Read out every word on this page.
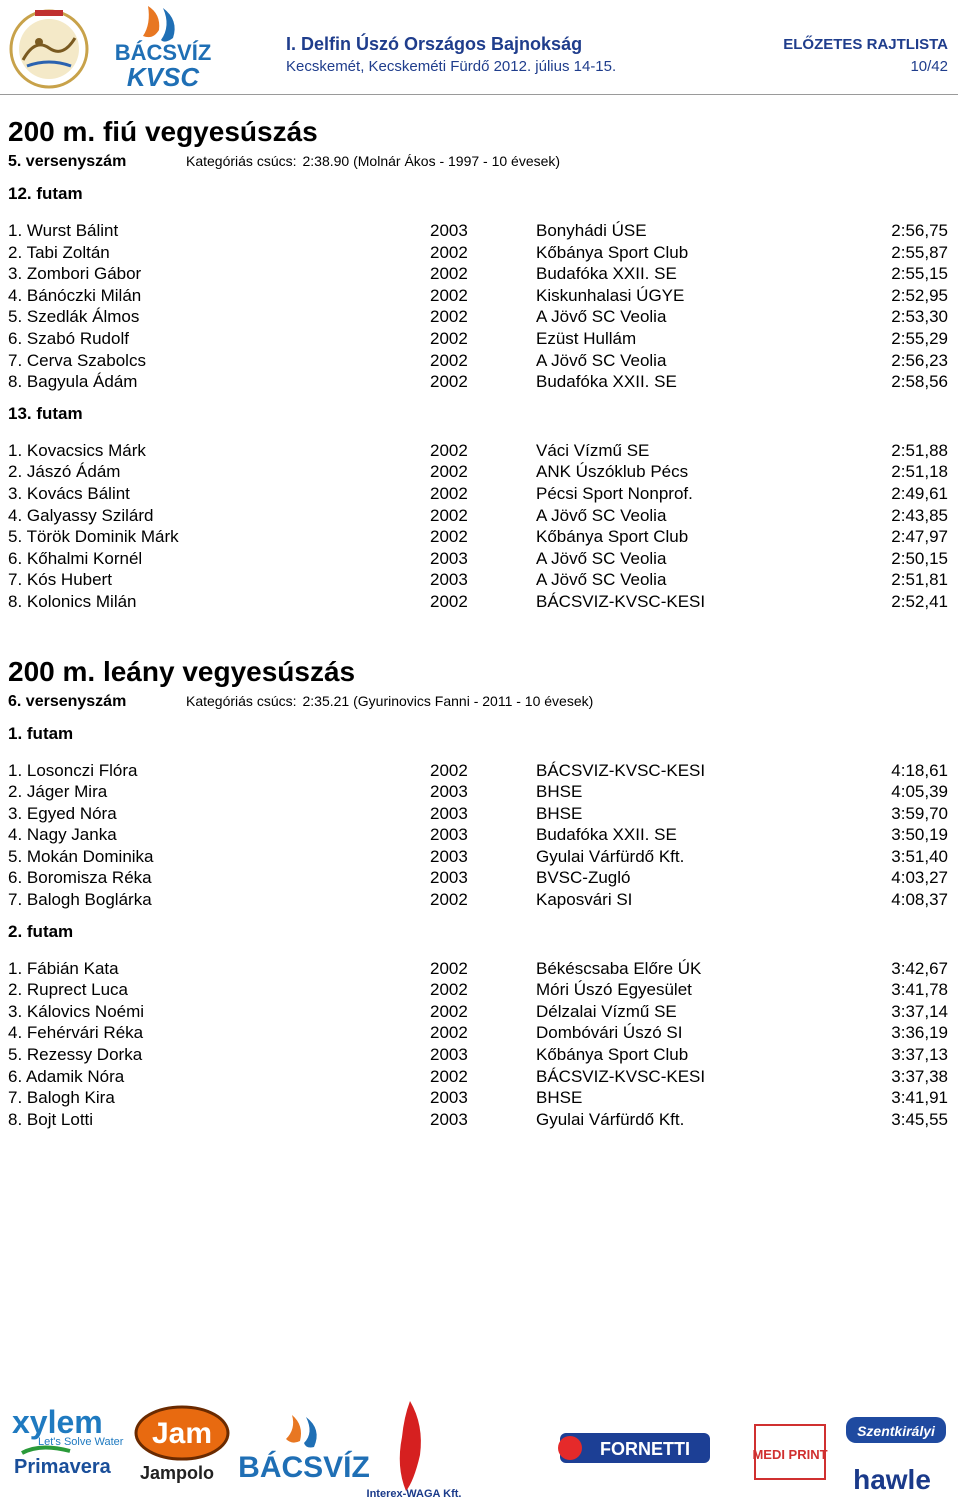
BÁCSVÍZ
KVSC
I. Delfin Úszó Országos Bajnokság
Kecskemét, Kecskeméti Fürdő 2012. július 14-15.
ELŐZETES RAJTLISTA
10/42
200 m. fiú vegyesúszás
5. versenyszám	Kategóriás csúcs: 2:38.90 (Molnár Ákos - 1997 - 10 évesek)
12. futam
1. Wurst Bálint	2003	Bonyhádi ÚSE	2:56,75
2. Tabi Zoltán	2002	Kőbánya Sport Club	2:55,87
3. Zombori Gábor	2002	Budafóka XXII. SE	2:55,15
4. Bánóczki Milán	2002	Kiskunhalasi ÚGYE	2:52,95
5. Szedlák Álmos	2002	A Jövő SC Veolia	2:53,30
6. Szabó Rudolf	2002	Ezüst Hullám	2:55,29
7. Cerva Szabolcs	2002	A Jövő SC Veolia	2:56,23
8. Bagyula Ádám	2002	Budafóka XXII. SE	2:58,56
13. futam
1. Kovacsics Márk	2002	Váci Vízmű SE	2:51,88
2. Jászó Ádám	2002	ANK Úszóklub Pécs	2:51,18
3. Kovács Bálint	2002	Pécsi Sport Nonprof.	2:49,61
4. Galyassy Szilárd	2002	A Jövő SC Veolia	2:43,85
5. Török Dominik Márk	2002	Kőbánya Sport Club	2:47,97
6. Kőhalmi Kornél	2003	A Jövő SC Veolia	2:50,15
7. Kós Hubert	2003	A Jövő SC Veolia	2:51,81
8. Kolonics Milán	2002	BÁCSVIZ-KVSC-KESI	2:52,41
200 m. leány vegyesúszás
6. versenyszám	Kategóriás csúcs: 2:35.21 (Gyurinovics Fanni - 2011 - 10 évesek)
1. futam
1. Losonczi Flóra	2002	BÁCSVIZ-KVSC-KESI	4:18,61
2. Jáger Mira	2003	BHSE	4:05,39
3. Egyed Nóra	2003	BHSE	3:59,70
4. Nagy Janka	2003	Budafóka XXII. SE	3:50,19
5. Mokán Dominika	2003	Gyulai Várfürdő Kft.	3:51,40
6. Boromisza Réka	2003	BVSC-Zugló	4:03,27
7. Balogh Boglárka	2002	Kaposvári SI	4:08,37
2. futam
1. Fábián Kata	2002	Békéscsaba Előre ÚK	3:42,67
2. Ruprect Luca	2002	Móri Úszó Egyesület	3:41,78
3. Kálovics Noémi	2002	Délzalai Vízmű SE	3:37,14
4. Fehérvári Réka	2002	Dombóvári Úszó SI	3:36,19
5. Rezessy Dorka	2003	Kőbánya Sport Club	3:37,13
6. Adamik Nóra	2002	BÁCSVIZ-KVSC-KESI	3:37,38
7. Balogh Kira	2003	BHSE	3:41,91
8. Bojt Lotti	2003	Gyulai Várfürdő Kft.	3:45,55
xylem
Let's Solve Water
Primavera
Jam
Jampolo BÁCSVÍZ
Interex-WAGA Kft.
FORNETTI	MEDI PRINT
Szentkirályi
hawle
